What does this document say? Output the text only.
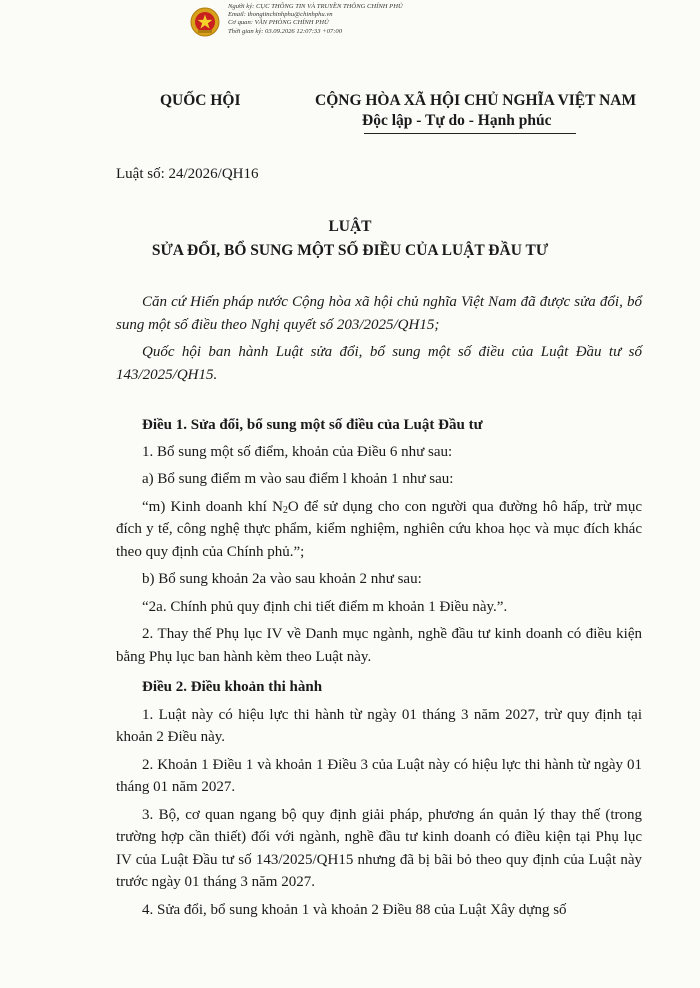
Người ký: CỤC THÔNG TIN VÀ TRUYỀN THÔNG CHÍNH PHỦ
Email: thongtinchinhphu@chinhphu.vn
Cơ quan: VĂN PHÒNG CHÍNH PHỦ
Thời gian ký: 03.09.2026 12:07:33 +07:00
QUỐC HỘI	CỘNG HÒA XÃ HỘI CHỦ NGHĨA VIỆT NAM
Độc lập - Tự do - Hạnh phúc
Luật số: 24/2026/QH16
LUẬT
SỬA ĐỔI, BỔ SUNG MỘT SỐ ĐIỀU CỦA LUẬT ĐẦU TƯ

Căn cứ Hiến pháp nước Cộng hòa xã hội chủ nghĩa Việt Nam đã được sửa đổi, bổ sung một số điều theo Nghị quyết số 203/2025/QH15;

Quốc hội ban hành Luật sửa đổi, bổ sung một số điều của Luật Đầu tư số 143/2025/QH15.

Điều 1. Sửa đổi, bổ sung một số điều của Luật Đầu tư

1. Bổ sung một số điểm, khoản của Điều 6 như sau:

a) Bổ sung điểm m vào sau điểm l khoản 1 như sau:

“m) Kinh doanh khí $N_2O$ để sử dụng cho con người qua đường hô hấp, trừ mục đích y tế, công nghệ thực phẩm, kiểm nghiệm, nghiên cứu khoa học và mục đích khác theo quy định của Chính phủ.”;

b) Bổ sung khoản 2a vào sau khoản 2 như sau:

“2a. Chính phủ quy định chi tiết điểm m khoản 1 Điều này.”.

2. Thay thế Phụ lục IV về Danh mục ngành, nghề đầu tư kinh doanh có điều kiện bằng Phụ lục ban hành kèm theo Luật này.

Điều 2. Điều khoản thi hành

1. Luật này có hiệu lực thi hành từ ngày 01 tháng 3 năm 2027, trừ quy định tại khoản 2 Điều này.

2. Khoản 1 Điều 1 và khoản 1 Điều 3 của Luật này có hiệu lực thi hành từ ngày 01 tháng 01 năm 2027.

3. Bộ, cơ quan ngang bộ quy định giải pháp, phương án quản lý thay thế (trong trường hợp cần thiết) đối với ngành, nghề đầu tư kinh doanh có điều kiện tại Phụ lục IV của Luật Đầu tư số 143/2025/QH15 nhưng đã bị bãi bỏ theo quy định của Luật này trước ngày 01 tháng 3 năm 2027.

4. Sửa đổi, bổ sung khoản 1 và khoản 2 Điều 88 của Luật Xây dựng số
